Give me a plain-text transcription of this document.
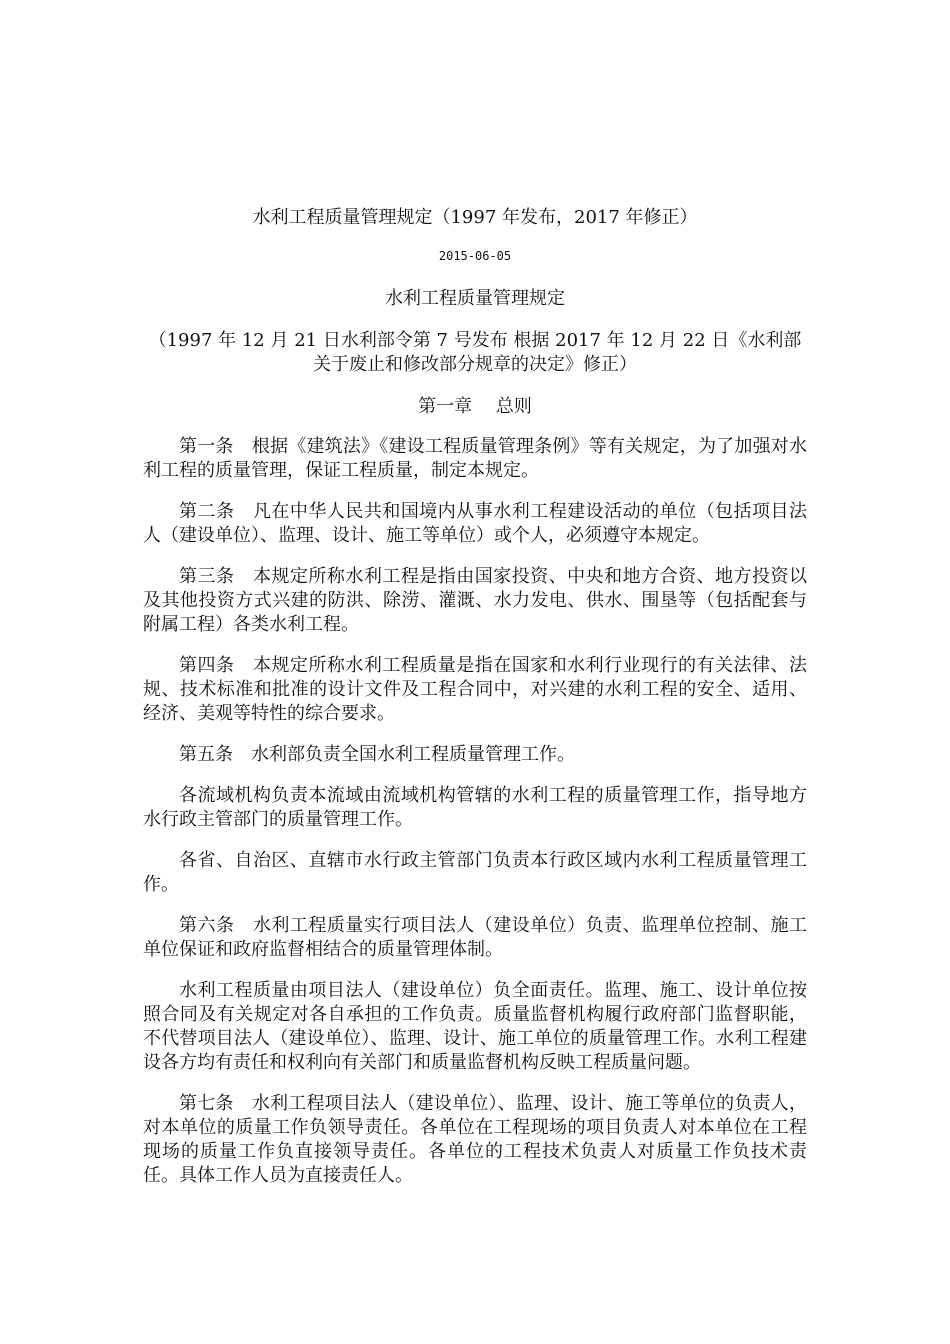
水利工程质量管理规定（1997 年发布，2017 年修正）
2015-06-05
水利工程质量管理规定
（1997 年 12 月 21 日水利部令第 7 号发布 根据 2017 年 12 月 22 日《水利部关于废止和修改部分规章的决定》修正）
第一章　 总则

第一条　根据《建筑法》《建设工程质量管理条例》等有关规定，为了加强对水利工程的质量管理，保证工程质量，制定本规定。

第二条　凡在中华人民共和国境内从事水利工程建设活动的单位（包括项目法人（建设单位）、监理、设计、施工等单位）或个人，必须遵守本规定。

第三条　本规定所称水利工程是指由国家投资、中央和地方合资、地方投资以及其他投资方式兴建的防洪、除涝、灌溉、水力发电、供水、围垦等（包括配套与附属工程）各类水利工程。

第四条　本规定所称水利工程质量是指在国家和水利行业现行的有关法律、法规、技术标准和批准的设计文件及工程合同中，对兴建的水利工程的安全、适用、经济、美观等特性的综合要求。

第五条　水利部负责全国水利工程质量管理工作。

各流域机构负责本流域由流域机构管辖的水利工程的质量管理工作，指导地方水行政主管部门的质量管理工作。

各省、自治区、直辖市水行政主管部门负责本行政区域内水利工程质量管理工作。

第六条　水利工程质量实行项目法人（建设单位）负责、监理单位控制、施工单位保证和政府监督相结合的质量管理体制。

水利工程质量由项目法人（建设单位）负全面责任。监理、施工、设计单位按照合同及有关规定对各自承担的工作负责。质量监督机构履行政府部门监督职能，不代替项目法人（建设单位）、监理、设计、施工单位的质量管理工作。水利工程建设各方均有责任和权利向有关部门和质量监督机构反映工程质量问题。

第七条　水利工程项目法人（建设单位）、监理、设计、施工等单位的负责人，对本单位的质量工作负领导责任。各单位在工程现场的项目负责人对本单位在工程现场的质量工作负直接领导责任。各单位的工程技术负责人对质量工作负技术责任。具体工作人员为直接责任人。
